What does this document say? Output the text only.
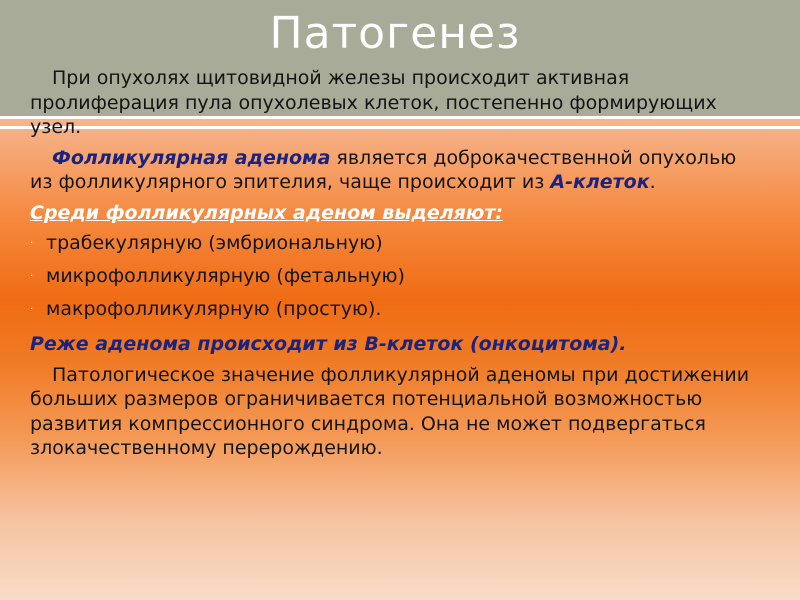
Патогенез

При опухолях щитовидной железы происходит активная пролиферация пула опухолевых клеток, постепенно формирующих узел.

Фолликулярная аденома является доброкачественной опухолью из фолликулярного эпителия, чаще происходит из А-клеток.

Среди фолликулярных аденом выделяют:

· трабекулярную (эмбриональную)
· микрофолликулярную (фетальную)
· макрофолликулярную (простую).

Реже аденома происходит из В-клеток (онкоцитома).

Патологическое значение фолликулярной аденомы при достижении больших размеров ограничивается потенциальной возможностью развития компрессионного синдрома. Она не может подвергаться злокачественному перерождению.
